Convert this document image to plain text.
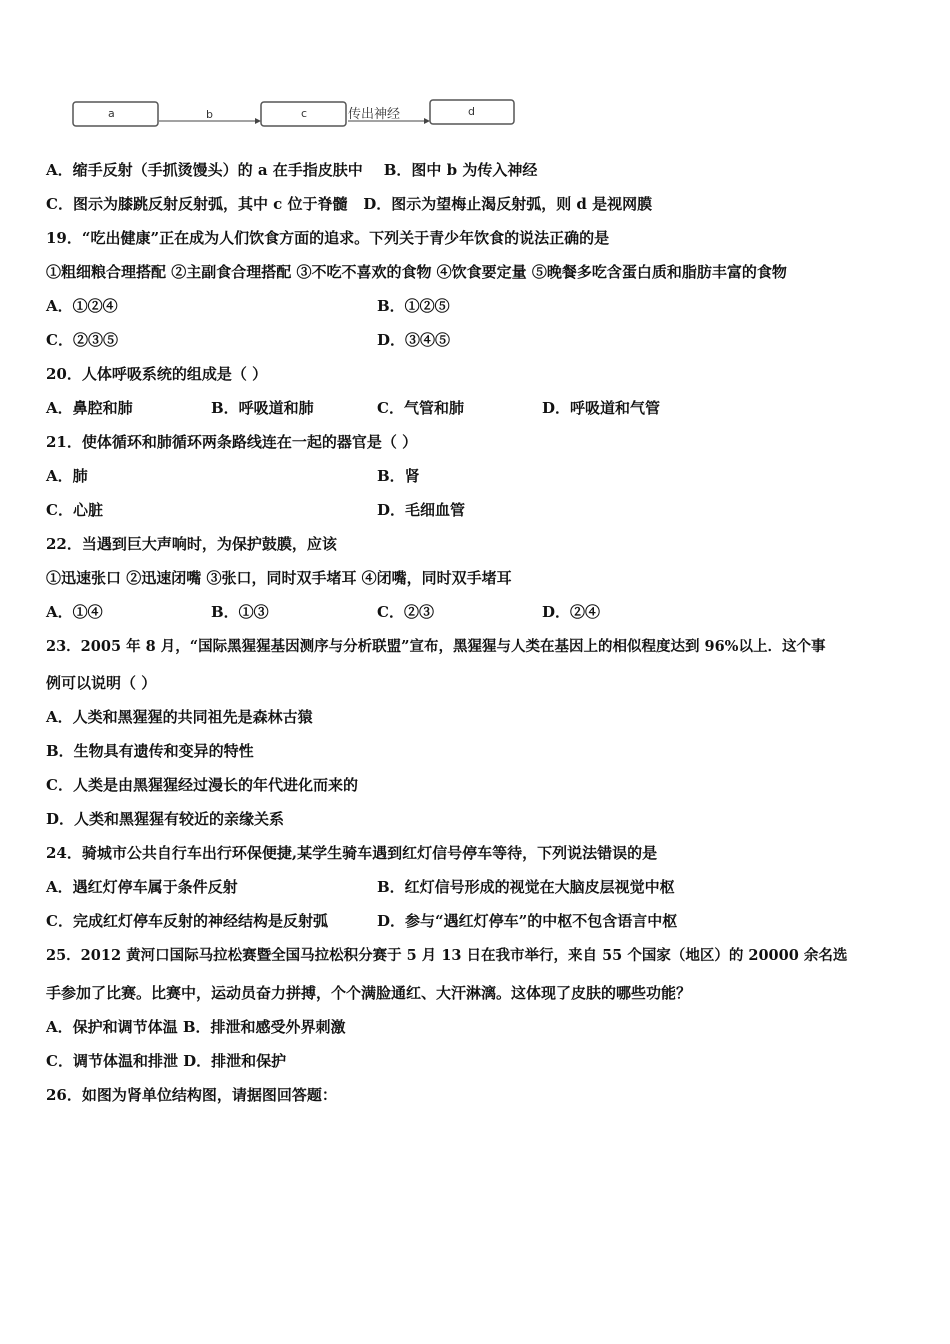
a	b	c	传出神经	d
A．缩手反射（手抓烫馒头）的 a 在手指皮肤中 B．图中 b 为传入神经
C．图示为膝跳反射反射弧，其中 c 位于脊髓 D．图示为望梅止渴反射弧，则 d 是视网膜
19．“吃出健康”正在成为人们饮食方面的追求。下列关于青少年饮食的说法正确的是
①粗细粮合理搭配 ②主副食合理搭配 ③不吃不喜欢的食物 ④饮食要定量 ⑤晚餐多吃含蛋白质和脂肪丰富的食物
A．①②④	B．①②⑤
C．②③⑤	D．③④⑤
20．人体呼吸系统的组成是（ ）
A．鼻腔和肺	B．呼吸道和肺	C．气管和肺	D．呼吸道和气管
21．使体循环和肺循环两条路线连在一起的器官是（ ）
A．肺	B．肾
C．心脏	D．毛细血管
22．当遇到巨大声响时，为保护鼓膜，应该
①迅速张口 ②迅速闭嘴 ③张口，同时双手堵耳 ④闭嘴，同时双手堵耳
A．①④	B．①③	C．②③	D．②④
23．2005 年 8 月，“国际黑猩猩基因测序与分析联盟”宣布，黑猩猩与人类在基因上的相似程度达到 96%以上．这个事
例可以说明（ ）
A．人类和黑猩猩的共同祖先是森林古猿
B．生物具有遗传和变异的特性
C．人类是由黑猩猩经过漫长的年代进化而来的
D．人类和黑猩猩有较近的亲缘关系
24．骑城市公共自行车出行环保便捷,某学生骑车遇到红灯信号停车等待，下列说法错误的是
A．遇红灯停车属于条件反射	B．红灯信号形成的视觉在大脑皮层视觉中枢
C．完成红灯停车反射的神经结构是反射弧	D．参与“遇红灯停车”的中枢不包含语言中枢
25．2012 黄河口国际马拉松赛暨全国马拉松积分赛于 5 月 13 日在我市举行，来自 55 个国家（地区）的 20000 余名选
手参加了比赛。比赛中，运动员奋力拼搏，个个满脸通红、大汗淋漓。这体现了皮肤的哪些功能？
A．保护和调节体温 B．排泄和感受外界刺激
C．调节体温和排泄 D．排泄和保护
26．如图为肾单位结构图，请据图回答题：
